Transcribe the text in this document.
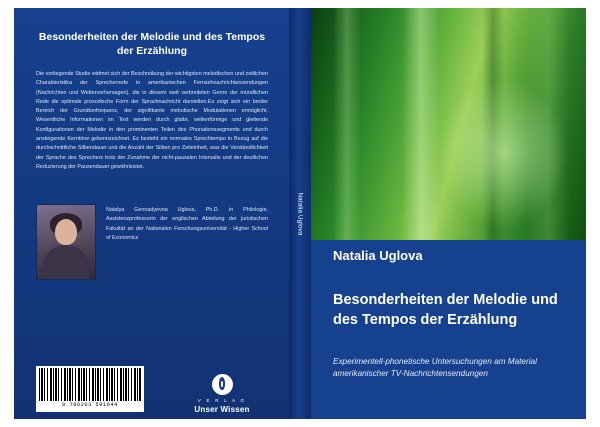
Besonderheiten der Melodie und des Tempos der Erzählung
Die vorliegende Studie widmet sich der Beschreibung der wichtigsten melodischen und zeitlichen Charakteristika der Sprecherrede in amerikanischen Fernsehnachrichtensendungen (Nachrichten und Wettervorhersagen), die in diesem weit verbreiteten Genre der mündlichen Rede die optimale prosodische Form der Sprachnachricht darstellen.Es zeigt sich ein breiter Bereich der Grundtonfrequenz, der signifikante melodische Modulationen ermöglicht. Wesentliche Informationen im Text werden durch glatte, wellenförmige und gleitende Konfigurationen der Melodie in den prominenten Teilen des Phonationssegments und durch ansteigende Kerntöne gekennzeichnet. Es besteht ein normales Sprechtempo in Bezug auf die durchschnittliche Silbendauer und die Anzahl der Silben pro Zeiteinheit, was die Verständlichkeit der Sprache des Sprechers trotz der Zunahme der nicht-pausalen Intervalle und der deutlichen Reduzierung der Pausendauer gewährleistet.
Natalya Gennadyevna Uglova, Ph.D. in Philologie, Assistenzprofessorin der englischen Abteilung der juristischen Fakultät an der Nationalen Forschungsuniversität - Higher School of Economics
9 786203 591644
V E R L A G
Unser Wissen
Natalia Uglova
Natalia Uglova
Besonderheiten der Melodie und des Tempos der Erzählung
Experimentell-phonetische Untersuchungen am Material amerikanischer TV-Nachrichtensendungen
